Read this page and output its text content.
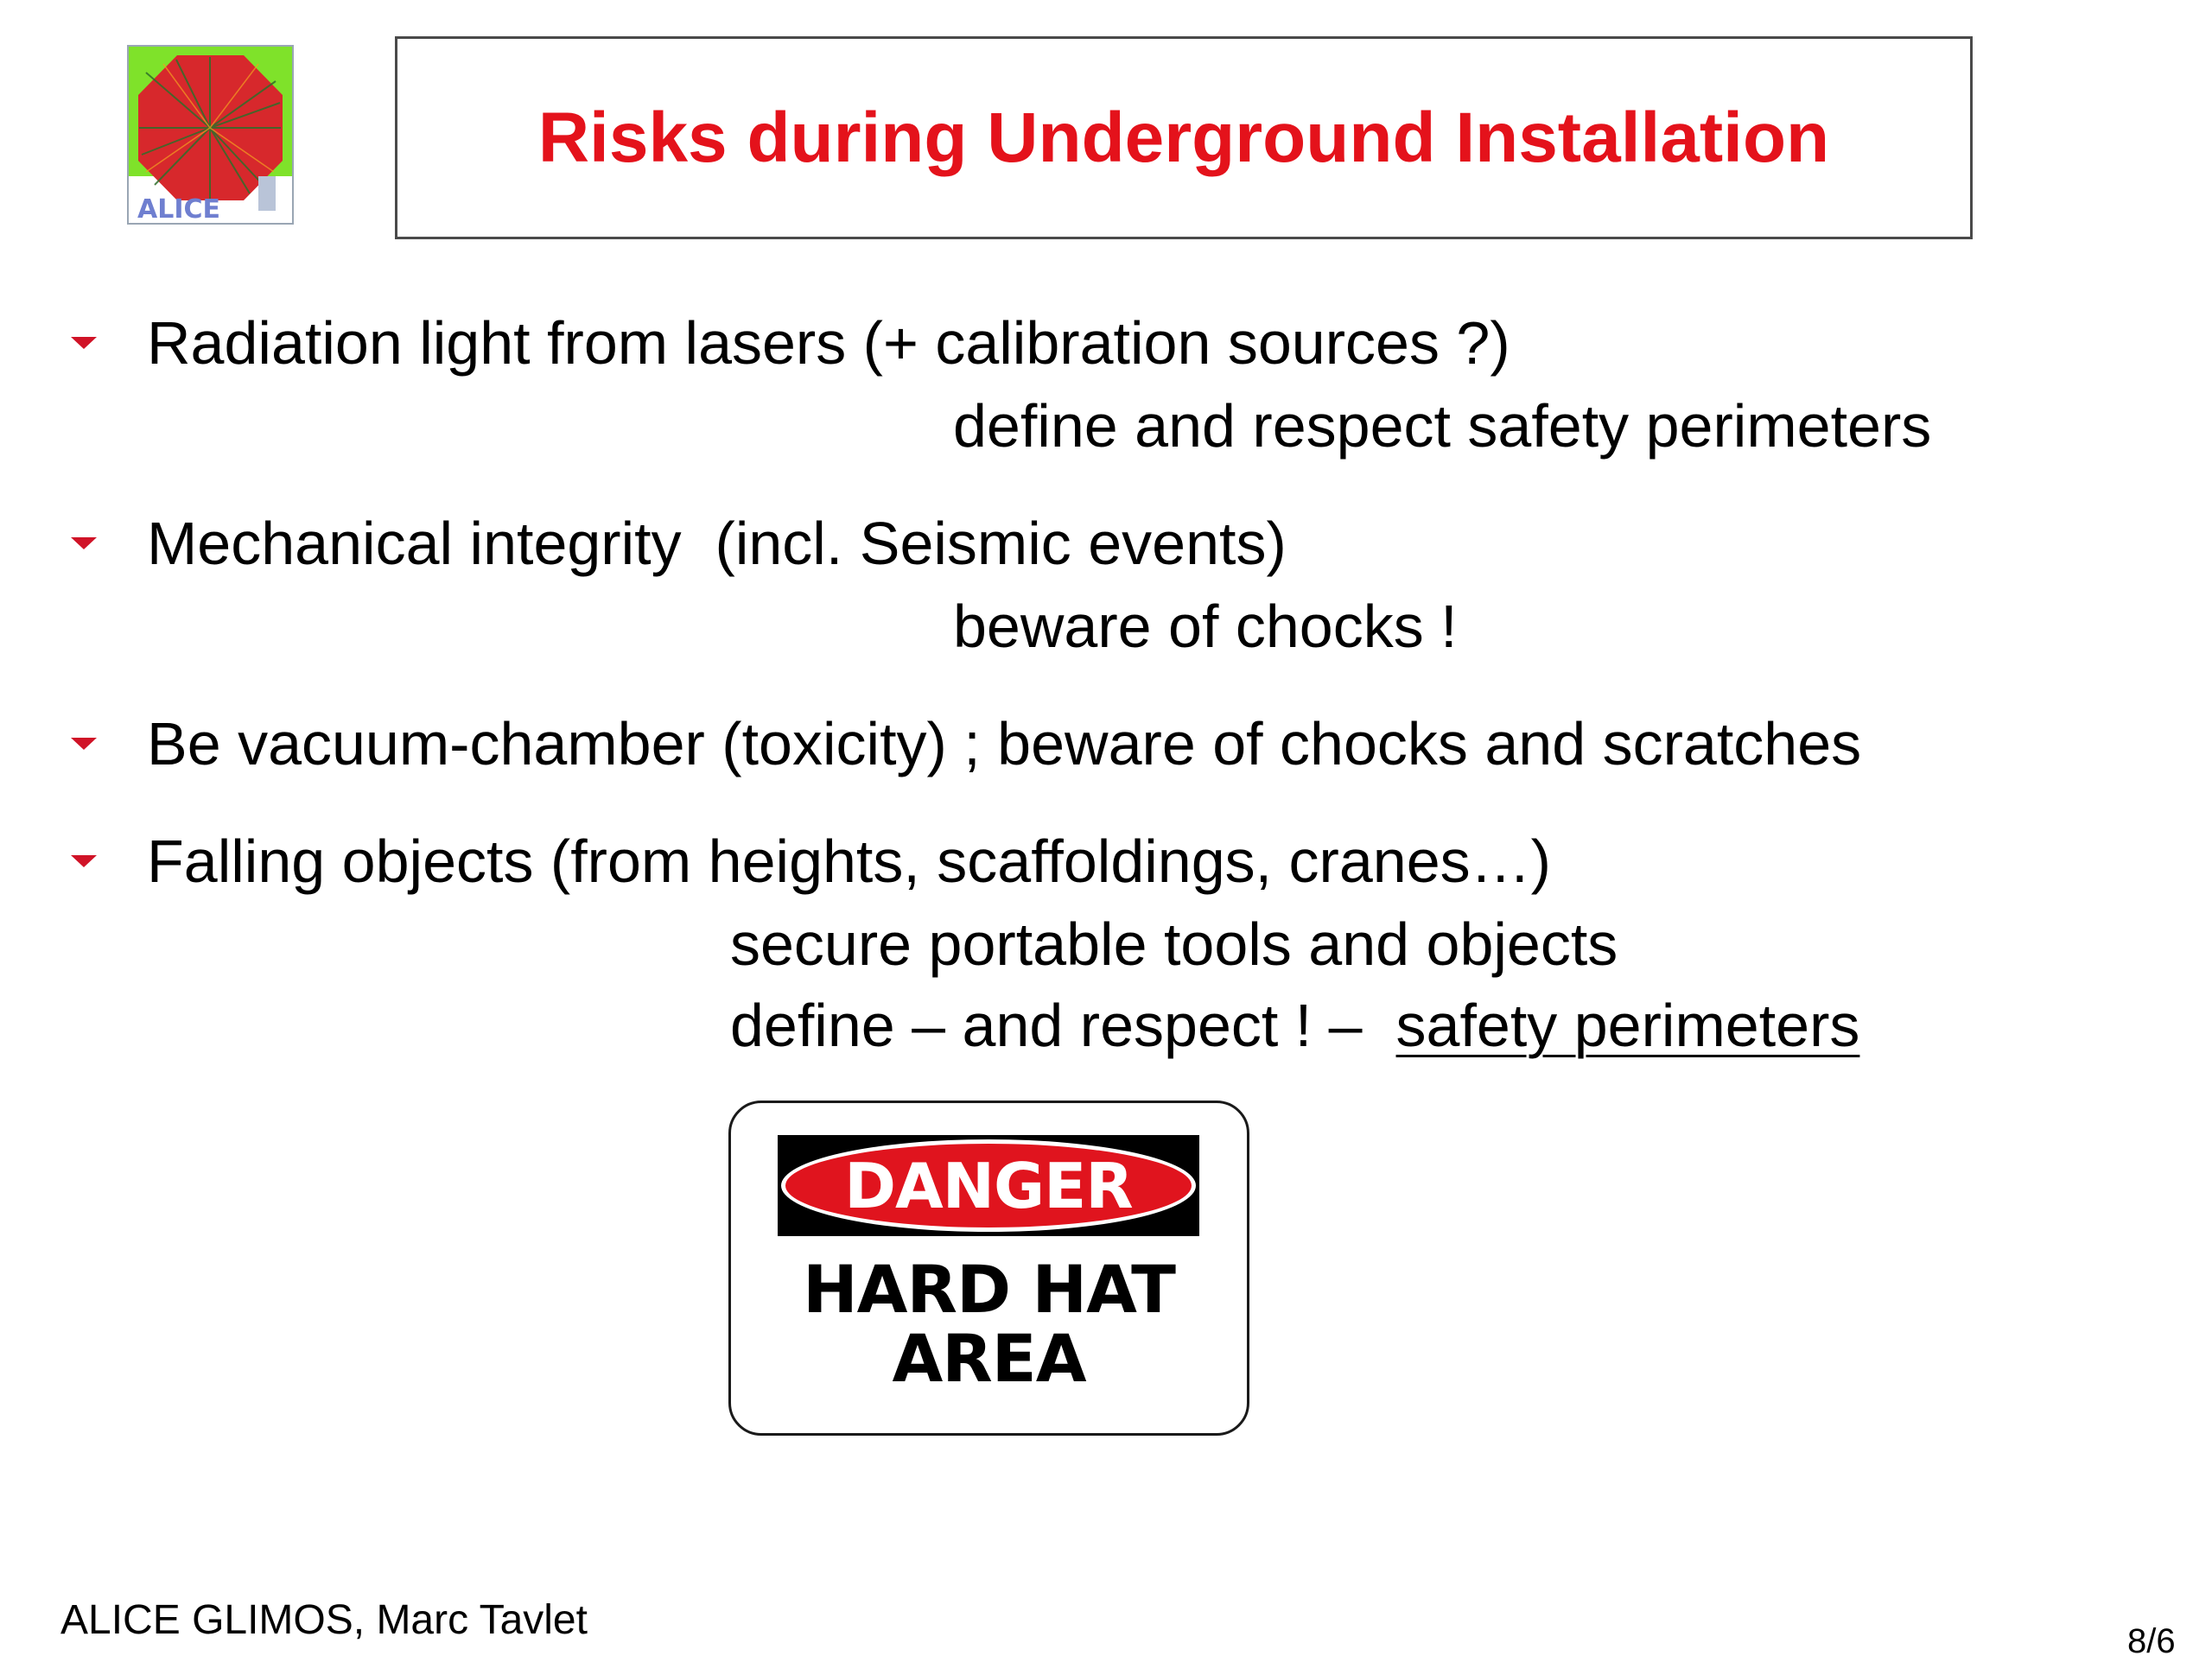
ALICE
Risks during Underground Installation
Radiation light from lasers (+ calibration sources ?)
define and respect safety perimeters
Mechanical integrity  (incl. Seismic events)
beware of chocks !
Be vacuum-chamber (toxicity) ; beware of chocks and scratches
Falling objects (from heights, scaffoldings, cranes…)
secure portable tools and objects
define – and respect ! –  safety perimeters
DANGER
HARD HAT
AREA
ALICE GLIMOS, Marc Tavlet	8/6
